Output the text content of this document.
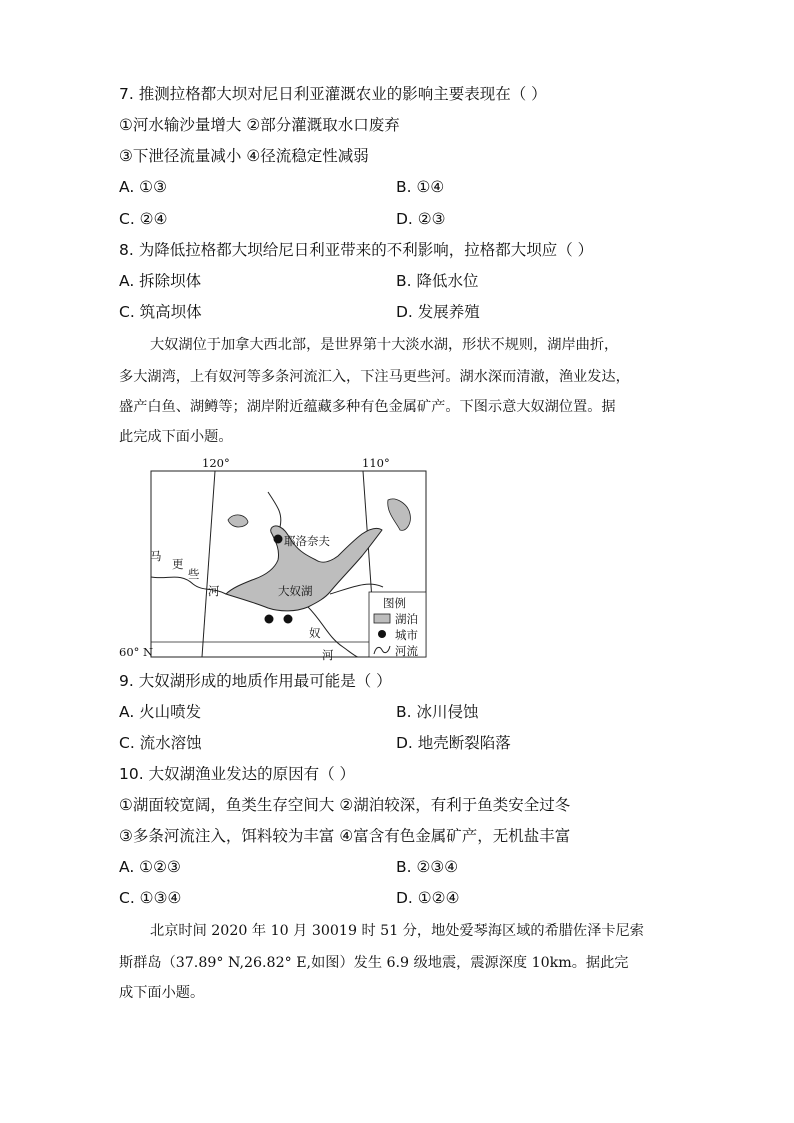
7. 推测拉格都大坝对尼日利亚灌溉农业的影响主要表现在（ ）
①河水输沙量增大 ②部分灌溉取水口废弃
③下泄径流量减小 ④径流稳定性减弱
A. ①③	B. ①④
C. ②④	D. ②③
8. 为降低拉格都大坝给尼日利亚带来的不利影响，拉格都大坝应（ ）
A. 拆除坝体	B. 降低水位
C. 筑高坝体	D. 发展养殖
大奴湖位于加拿大西北部，是世界第十大淡水湖，形状不规则，湖岸曲折，
多大湖湾，上有奴河等多条河流汇入，下注马更些河。湖水深而清澈，渔业发达，
盛产白鱼、湖鳟等；湖岸附近蕴藏多种有色金属矿产。下图示意大奴湖位置。据
此完成下面小题。
120°	110°
60° N
耶洛奈夫
大奴湖
马
更
些
河
奴
河
图例
湖泊
城市
河流
9. 大奴湖形成的地质作用最可能是（ ）
A. 火山喷发	B. 冰川侵蚀
C. 流水溶蚀	D. 地壳断裂陷落
10. 大奴湖渔业发达的原因有（ ）
①湖面较宽阔，鱼类生存空间大 ②湖泊较深，有利于鱼类安全过冬
③多条河流注入，饵料较为丰富 ④富含有色金属矿产，无机盐丰富
A. ①②③	B. ②③④
C. ①③④	D. ①②④
北京时间 2020 年 10 月 30019 时 51 分，地处爱琴海区域的希腊佐泽卡尼索
斯群岛（37.89° N,26.82° E,如图）发生 6.9 级地震，震源深度 10km。据此完
成下面小题。
